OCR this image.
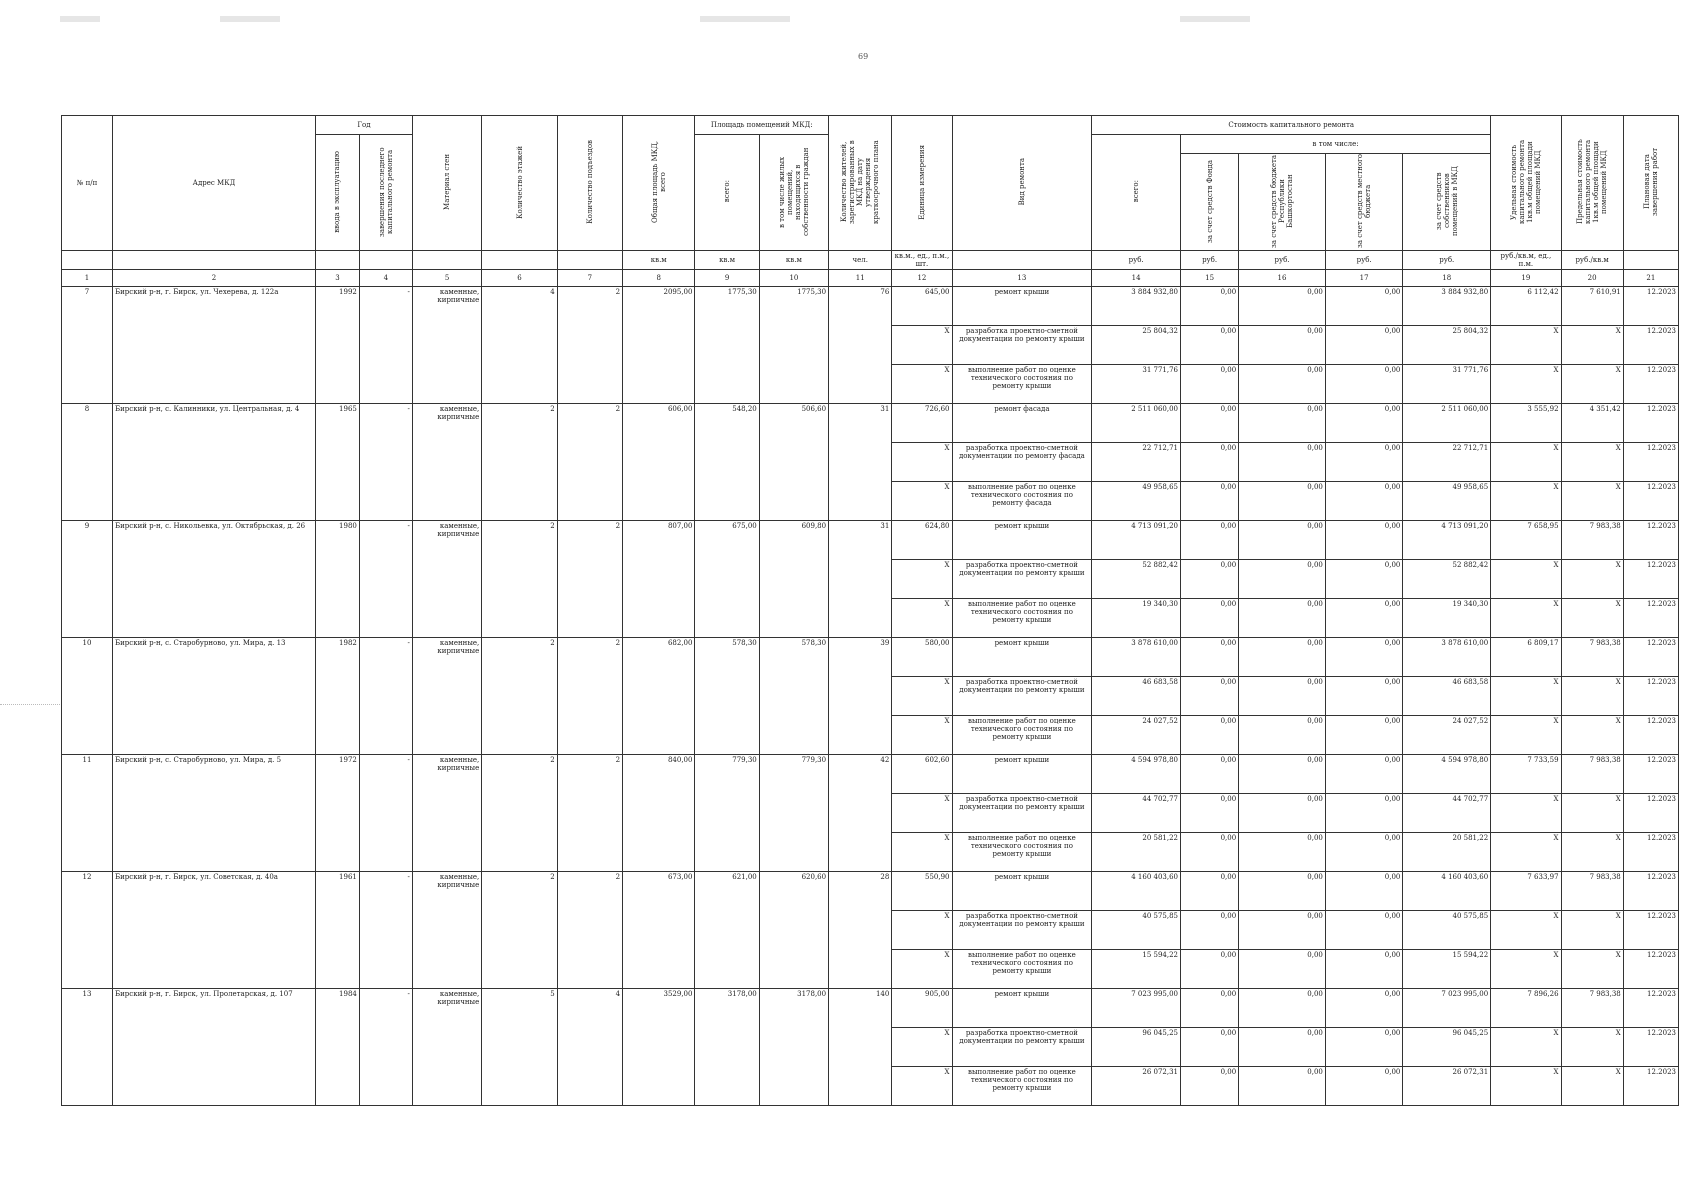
69
№ п/п	Адрес МКД	Год		Материал стен	Количество этажей	Количество подъездов	Общая площадь МКД, всего	Площадь помещений МКД:		Количество жителей, зарегистрированных в МКД на дату утверждения краткосрочного плана	Единица измерения	Вид ремонта	Стоимость капитального ремонта					Удельная стоимость капитального ремонта 1кв.м общей площади помещений МКД	Предельная стоимость капитального ремонта 1кв.м общей площади помещений МКД	Плановая дата завершения работ
		ввода в эксплуатацию	завершения последнего капитального ремонта					всего:	в том числе жилых помещений, находящихся в собственности граждан				всего:	в том числе:						
														за счет средств Фонда	за счет средств бюджета Республики Башкортостан	за счет средств местного бюджета	за счет средств собственников помещений в МКД			
							кв.м	кв.м	кв.м	чел.	кв.м., ед., п.м., шт.		руб.	руб.	руб.	руб.	руб.	руб./кв.м, ед., п.м.	руб./кв.м	
1	2	3	4	5	6	7	8	9	10	11	12	13	14	15	16	17	18	19	20	21
7	Бирский р-н, г. Бирск, ул. Чехерева, д. 122а	1992	-	каменные, кирпичные	4	2	2095,00	1775,30	1775,30	76	645,00	ремонт крыши	3 884 932,80	0,00	0,00	0,00	3 884 932,80	6 112,42	7 610,91	12.2023
											X	разработка проектно-сметной документации по ремонту крыши	25 804,32	0,00	0,00	0,00	25 804,32	X	X	12.2023
											X	выполнение работ по оценке технического состояния по ремонту крыши	31 771,76	0,00	0,00	0,00	31 771,76	X	X	12.2023
8	Бирский р-н, с. Калинники, ул. Центральная, д. 4	1965	-	каменные, кирпичные	2	2	606,00	548,20	506,60	31	726,60	ремонт фасада	2 511 060,00	0,00	0,00	0,00	2 511 060,00	3 555,92	4 351,42	12.2023
											X	разработка проектно-сметной документации по ремонту фасада	22 712,71	0,00	0,00	0,00	22 712,71	X	X	12.2023
											X	выполнение работ по оценке технического состояния по ремонту фасада	49 958,65	0,00	0,00	0,00	49 958,65	X	X	12.2023
9	Бирский р-н, с. Никольевка, ул. Октябрьская, д. 26	1980	-	каменные, кирпичные	2	2	807,00	675,00	609,80	31	624,80	ремонт крыши	4 713 091,20	0,00	0,00	0,00	4 713 091,20	7 658,95	7 983,38	12.2023
											X	разработка проектно-сметной документации по ремонту крыши	52 882,42	0,00	0,00	0,00	52 882,42	X	X	12.2023
											X	выполнение работ по оценке технического состояния по ремонту крыши	19 340,30	0,00	0,00	0,00	19 340,30	X	X	12.2023
10	Бирский р-н, с. Старобурново, ул. Мира, д. 13	1982	-	каменные, кирпичные	2	2	682,00	578,30	578,30	39	580,00	ремонт крыши	3 878 610,00	0,00	0,00	0,00	3 878 610,00	6 809,17	7 983,38	12.2023
											X	разработка проектно-сметной документации по ремонту крыши	46 683,58	0,00	0,00	0,00	46 683,58	X	X	12.2023
											X	выполнение работ по оценке технического состояния по ремонту крыши	24 027,52	0,00	0,00	0,00	24 027,52	X	X	12.2023
11	Бирский р-н, с. Старобурново, ул. Мира, д. 5	1972	-	каменные, кирпичные	2	2	840,00	779,30	779,30	42	602,60	ремонт крыши	4 594 978,80	0,00	0,00	0,00	4 594 978,80	7 733,59	7 983,38	12.2023
											X	разработка проектно-сметной документации по ремонту крыши	44 702,77	0,00	0,00	0,00	44 702,77	X	X	12.2023
											X	выполнение работ по оценке технического состояния по ремонту крыши	20 581,22	0,00	0,00	0,00	20 581,22	X	X	12.2023
12	Бирский р-н, г. Бирск, ул. Советская, д. 40а	1961	-	каменные, кирпичные	2	2	673,00	621,00	620,60	28	550,90	ремонт крыши	4 160 403,60	0,00	0,00	0,00	4 160 403,60	7 633,97	7 983,38	12.2023
											X	разработка проектно-сметной документации по ремонту крыши	40 575,85	0,00	0,00	0,00	40 575,85	X	X	12.2023
											X	выполнение работ по оценке технического состояния по ремонту крыши	15 594,22	0,00	0,00	0,00	15 594,22	X	X	12.2023
13	Бирский р-н, г. Бирск, ул. Пролетарская, д. 107	1984	-	каменные, кирпичные	5	4	3529,00	3178,00	3178,00	140	905,00	ремонт крыши	7 023 995,00	0,00	0,00	0,00	7 023 995,00	7 896,26	7 983,38	12.2023
											X	разработка проектно-сметной документации по ремонту крыши	96 045,25	0,00	0,00	0,00	96 045,25	X	X	12.2023
											X	выполнение работ по оценке технического состояния по ремонту крыши	26 072,31	0,00	0,00	0,00	26 072,31	X	X	12.2023
